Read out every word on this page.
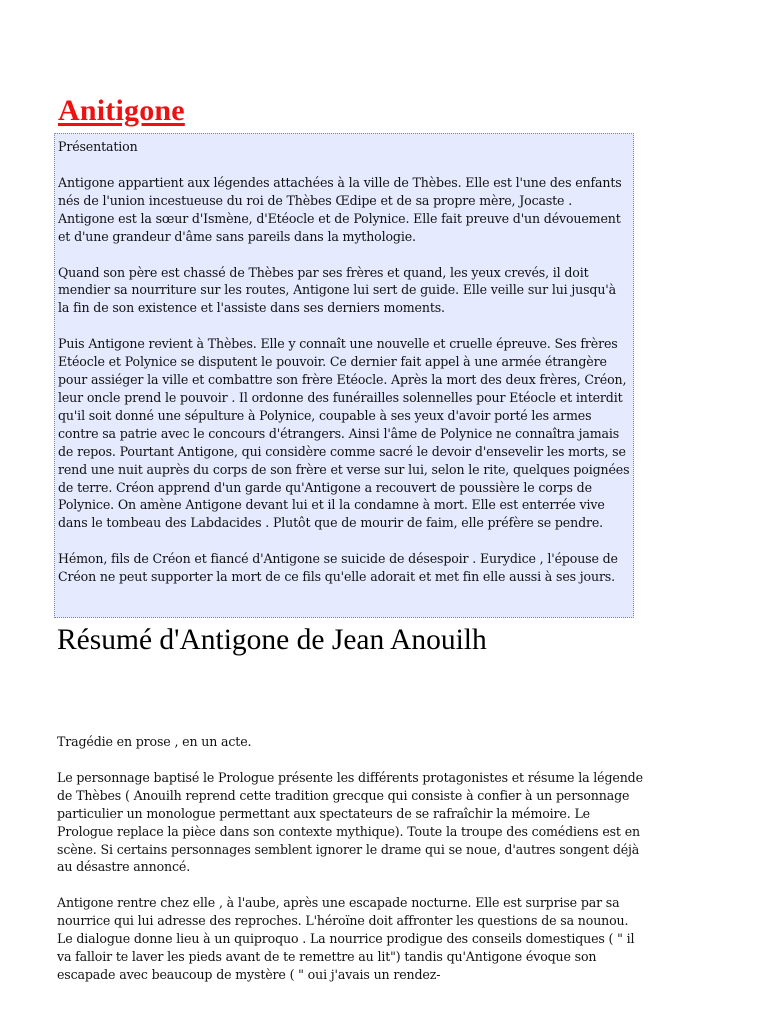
Anitigone

Présentation

Antigone appartient aux légendes attachées à la ville de Thèbes. Elle est l'une des enfants nés de l'union incestueuse du roi de Thèbes Œdipe et de sa propre mère, Jocaste . Antigone est la sœur d'Ismène, d'Etéocle et de Polynice. Elle fait preuve d'un dévouement et d'une grandeur d'âme sans pareils dans la mythologie.

Quand son père est chassé de Thèbes par ses frères et quand, les yeux crevés, il doit mendier sa nourriture sur les routes, Antigone lui sert de guide. Elle veille sur lui jusqu'à la fin de son existence et l'assiste dans ses derniers moments.

Puis Antigone revient à Thèbes. Elle y connaît une nouvelle et cruelle épreuve. Ses frères Etéocle et Polynice se disputent le pouvoir. Ce dernier fait appel à une armée étrangère pour assiéger la ville et combattre son frère Etéocle. Après la mort des deux frères, Créon, leur oncle prend le pouvoir . Il ordonne des funérailles solennelles pour Etéocle et interdit qu'il soit donné une sépulture à Polynice, coupable à ses yeux d'avoir porté les armes contre sa patrie avec le concours d'étrangers. Ainsi l'âme de Polynice ne connaîtra jamais de repos. Pourtant Antigone, qui considère comme sacré le devoir d'ensevelir les morts, se rend une nuit auprès du corps de son frère et verse sur lui, selon le rite, quelques poignées de terre. Créon apprend d'un garde qu'Antigone a recouvert de poussière le corps de Polynice. On amène Antigone devant lui et il la condamne à mort. Elle est enterrée vive dans le tombeau des Labdacides . Plutôt que de mourir de faim, elle préfère se pendre.

Hémon, fils de Créon et fiancé d'Antigone se suicide de désespoir . Eurydice , l'épouse de Créon ne peut supporter la mort de ce fils qu'elle adorait et met fin elle aussi à ses jours.

Résumé d'Antigone de Jean Anouilh

Tragédie en prose , en un acte.

Le personnage baptisé le Prologue présente les différents protagonistes et résume la légende de Thèbes ( Anouilh reprend cette tradition grecque qui consiste à confier à un personnage particulier un monologue permettant aux spectateurs de se rafraîchir la mémoire. Le Prologue replace la pièce dans son contexte mythique). Toute la troupe des comédiens est en scène. Si certains personnages semblent ignorer le drame qui se noue, d'autres songent déjà au désastre annoncé.

Antigone rentre chez elle , à l'aube, après une escapade nocturne. Elle est surprise par sa nourrice qui lui adresse des reproches. L'héroïne doit affronter les questions de sa nounou. Le dialogue donne lieu à un quiproquo . La nourrice prodigue des conseils domestiques ( " il va falloir te laver les pieds avant de te remettre au lit") tandis qu'Antigone évoque son escapade avec beaucoup de mystère ( " oui j'avais un rendez-
